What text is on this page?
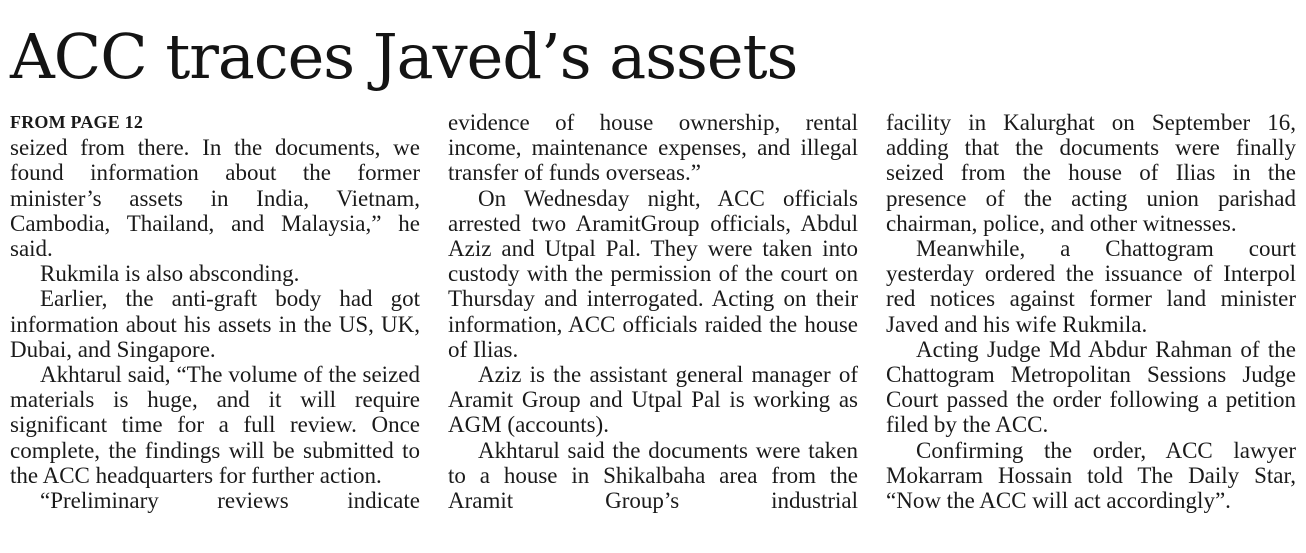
ACC traces Javed’s assets
FROM PAGE 12

seized from there. In the documents, we found information about the former minister’s assets in India, Vietnam, Cambodia, Thailand, and Malaysia,” he said.

Rukmila is also absconding.

Earlier, the anti-graft body had got information about his assets in the US, UK, Dubai, and Singapore.

Akhtarul said, “The volume of the seized materials is huge, and it will require significant time for a full review. Once complete, the findings will be submitted to the ACC headquarters for further action.

“Preliminary reviews indicate

evidence of house ownership, rental income, maintenance expenses, and illegal transfer of funds overseas.”

On Wednesday night, ACC officials arrested two AramitGroup officials, Abdul Aziz and Utpal Pal. They were taken into custody with the permission of the court on Thursday and interrogated. Acting on their information, ACC officials raided the house of Ilias.

Aziz is the assistant general manager of Aramit Group and Utpal Pal is working as AGM (accounts).

Akhtarul said the documents were taken to a house in Shikalbaha area from the Aramit Group’s industrial

facility in Kalurghat on September 16, adding that the documents were finally seized from the house of Ilias in the presence of the acting union parishad chairman, police, and other witnesses.

Meanwhile, a Chattogram court yesterday ordered the issuance of Interpol red notices against former land minister Javed and his wife Rukmila.

Acting Judge Md Abdur Rahman of the Chattogram Metropolitan Sessions Judge Court passed the order following a petition filed by the ACC.

Confirming the order, ACC lawyer Mokarram Hossain told The Daily Star, “Now the ACC will act accordingly”.
